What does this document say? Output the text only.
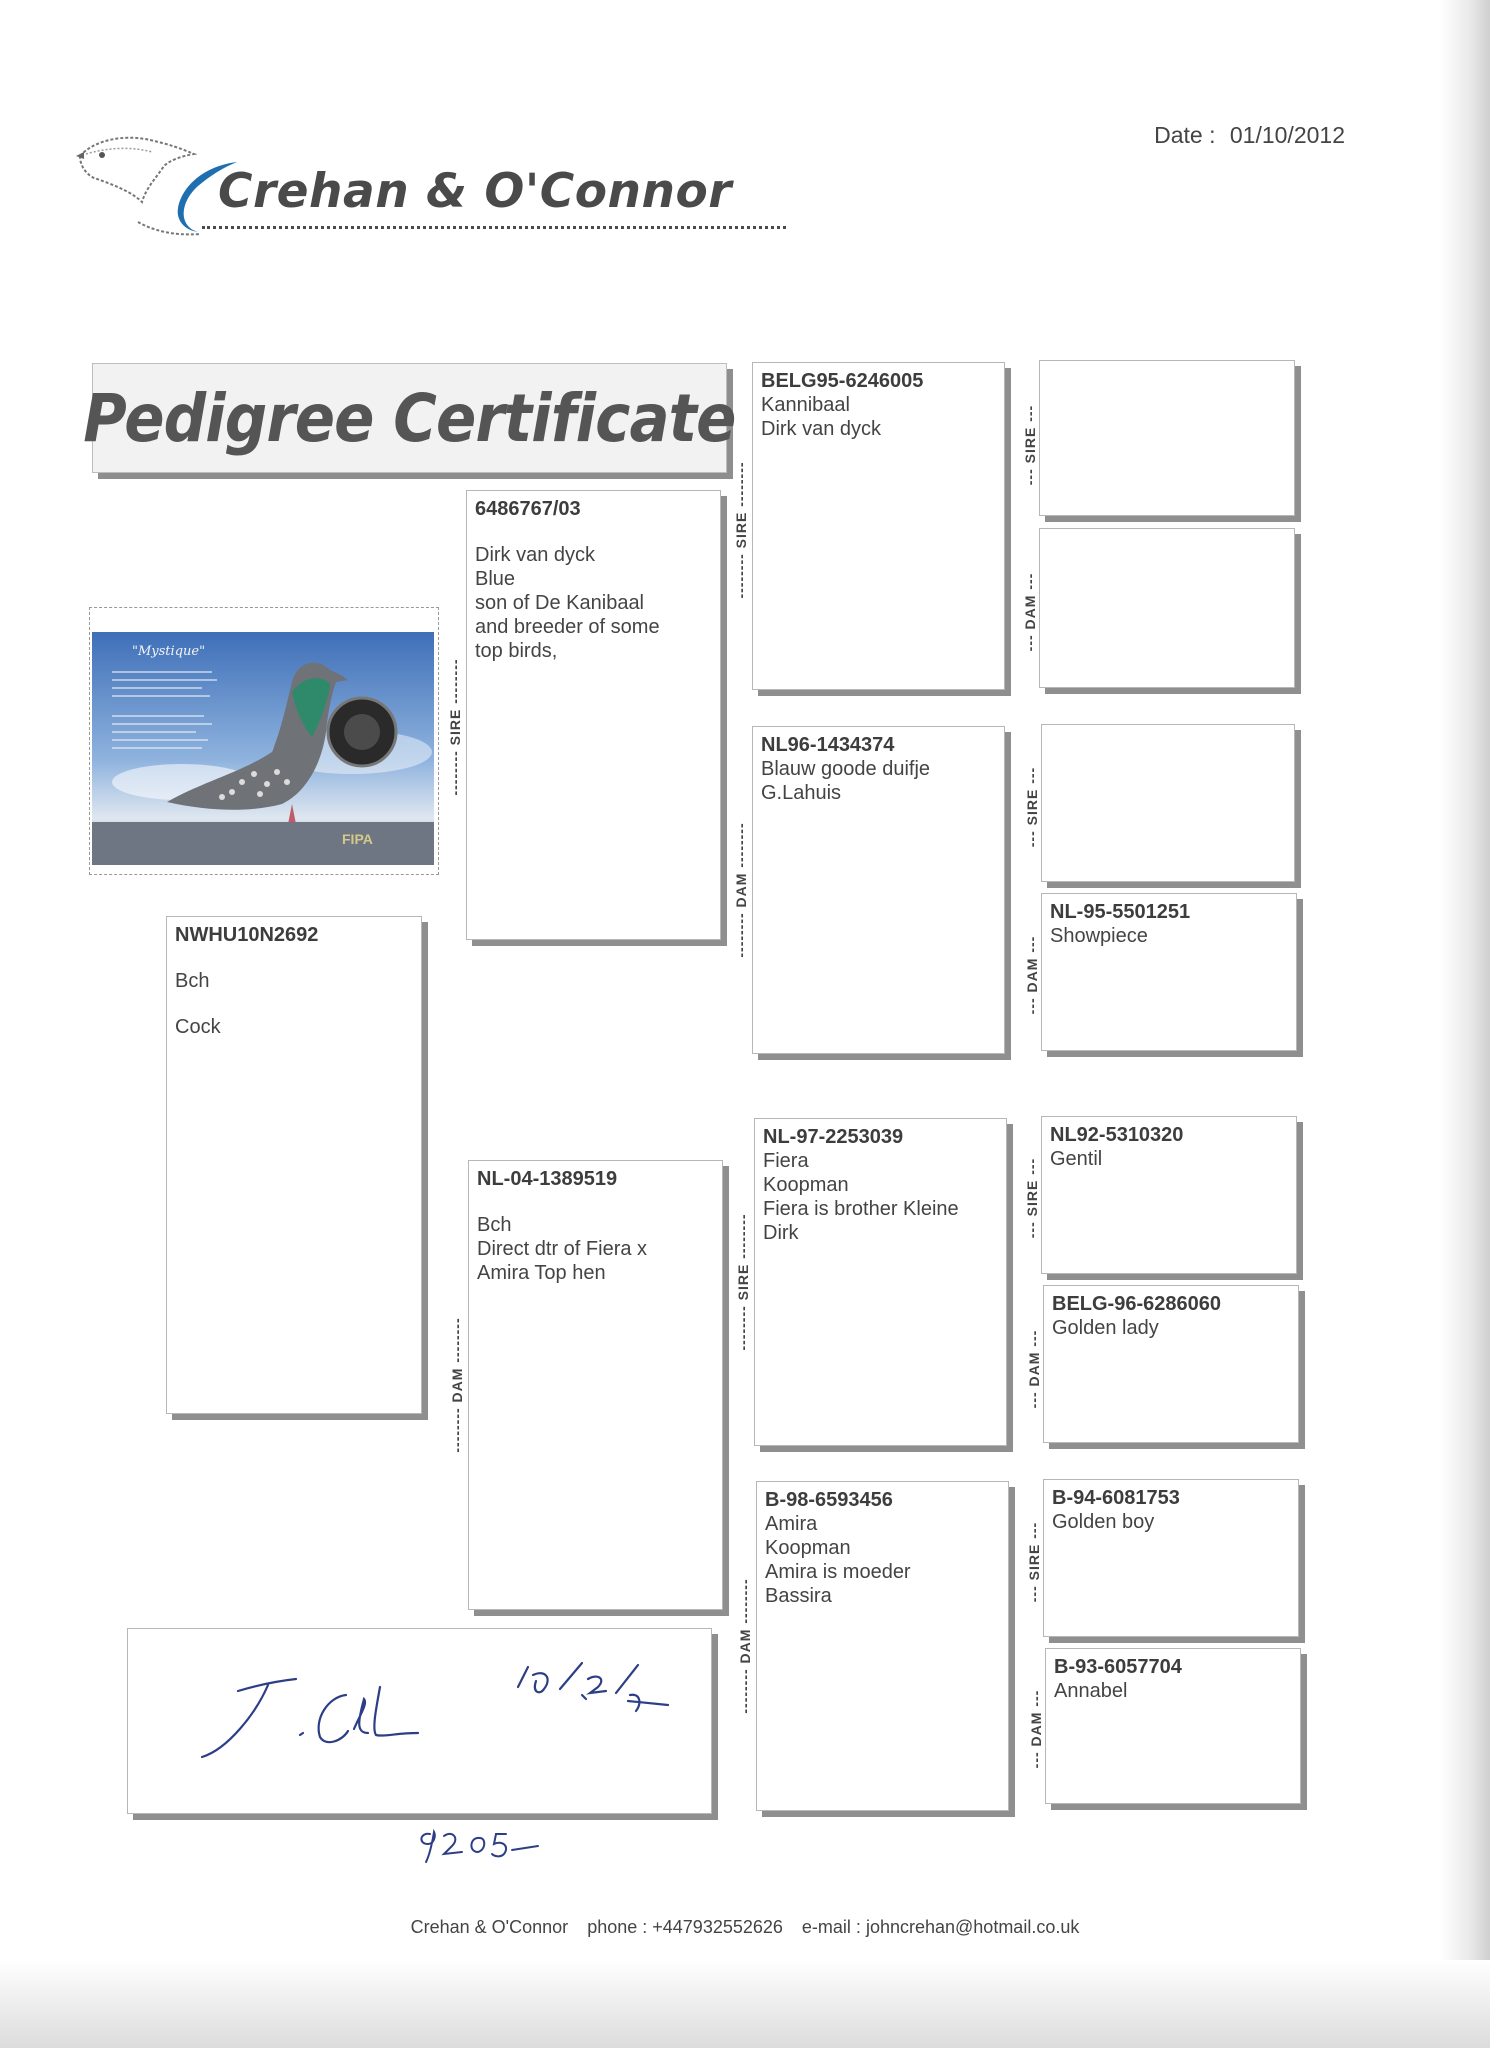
Crehan & O'Connor
Date : 01/10/2012
Pedigree Certificate
FIPA
"Mystique"
NWHU10N2692
Bch
Cock
6486767/03
Dirk van dyck
Blue
son of De Kanibaal
and breeder of some
top birds,
NL-04-1389519
Bch
Direct dtr of Fiera x
Amira Top hen
BELG95-6246005
Kannibaal
Dirk van dyck
NL96-1434374
Blauw goode duifje
G.Lahuis
NL-97-2253039
Fiera
Koopman
Fiera is brother Kleine
Dirk
B-98-6593456
Amira
Koopman
Amira is moeder
Bassira
NL-95-5501251
Showpiece
NL92-5310320
Gentil
BELG-96-6286060
Golden lady
B-94-6081753
Golden boy
B-93-6057704
Annabel
-------- SIRE --------
-------- DAM --------
-------- SIRE --------
-------- DAM --------
-------- SIRE --------
-------- DAM --------
--- SIRE ---
--- DAM ---
--- SIRE ---
--- DAM ---
--- SIRE ---
--- DAM ---
--- SIRE ---
--- DAM ---
Crehan & O'Connor phone : +447932552626 e-mail : johncrehan@hotmail.co.uk
